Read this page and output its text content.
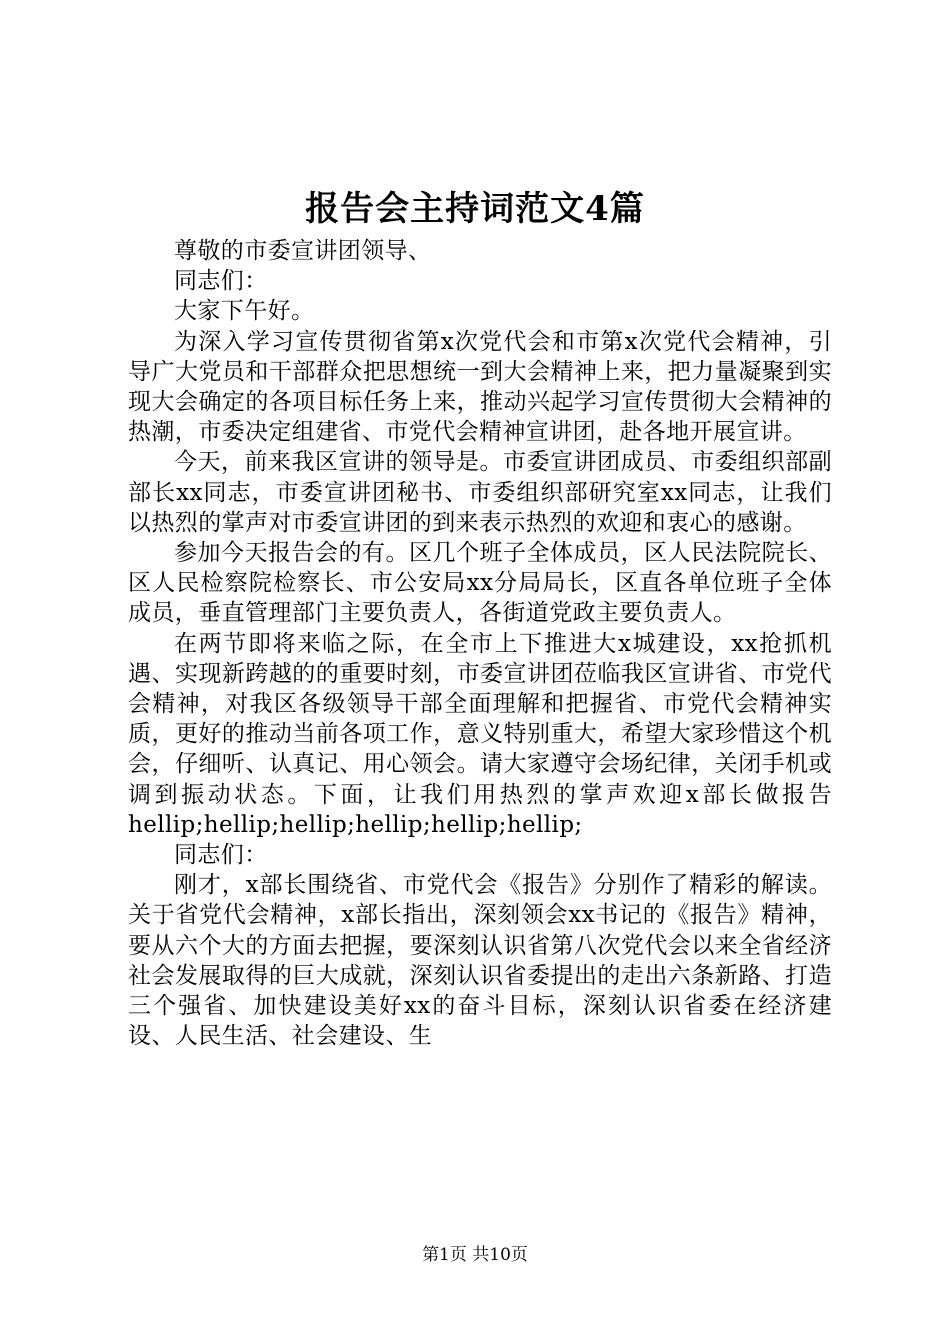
报告会主持词范文4篇

尊敬的市委宣讲团领导、

同志们：

大家下午好。

为深入学习宣传贯彻省第x次党代会和市第x次党代会精神，引导广大党员和干部群众把思想统一到大会精神上来，把力量凝聚到实现大会确定的各项目标任务上来，推动兴起学习宣传贯彻大会精神的热潮，市委决定组建省、市党代会精神宣讲团，赴各地开展宣讲。

今天，前来我区宣讲的领导是。市委宣讲团成员、市委组织部副部长xx同志，市委宣讲团秘书、市委组织部研究室xx同志，让我们以热烈的掌声对市委宣讲团的到来表示热烈的欢迎和衷心的感谢。

参加今天报告会的有。区几个班子全体成员，区人民法院院长、区人民检察院检察长、市公安局xx分局局长，区直各单位班子全体成员，垂直管理部门主要负责人，各街道党政主要负责人。

在两节即将来临之际，在全市上下推进大x城建设，xx抢抓机遇、实现新跨越的的重要时刻，市委宣讲团莅临我区宣讲省、市党代会精神，对我区各级领导干部全面理解和把握省、市党代会精神实质，更好的推动当前各项工作，意义特别重大，希望大家珍惜这个机会，仔细听、认真记、用心领会。请大家遵守会场纪律，关闭手机或调到振动状态。下面，让我们用热烈的掌声欢迎x部长做报告

hellip;hellip;hellip;hellip;hellip;hellip;

同志们：

刚才，x部长围绕省、市党代会《报告》分别作了精彩的解读。关于省党代会精神，x部长指出，深刻领会xx书记的《报告》精神，要从六个大的方面去把握，要深刻认识省第八次党代会以来全省经济社会发展取得的巨大成就，深刻认识省委提出的走出六条新路、打造三个强省、加快建设美好xx的奋斗目标，深刻认识省委在经济建设、人民生活、社会建设、生

第1页 共10页
